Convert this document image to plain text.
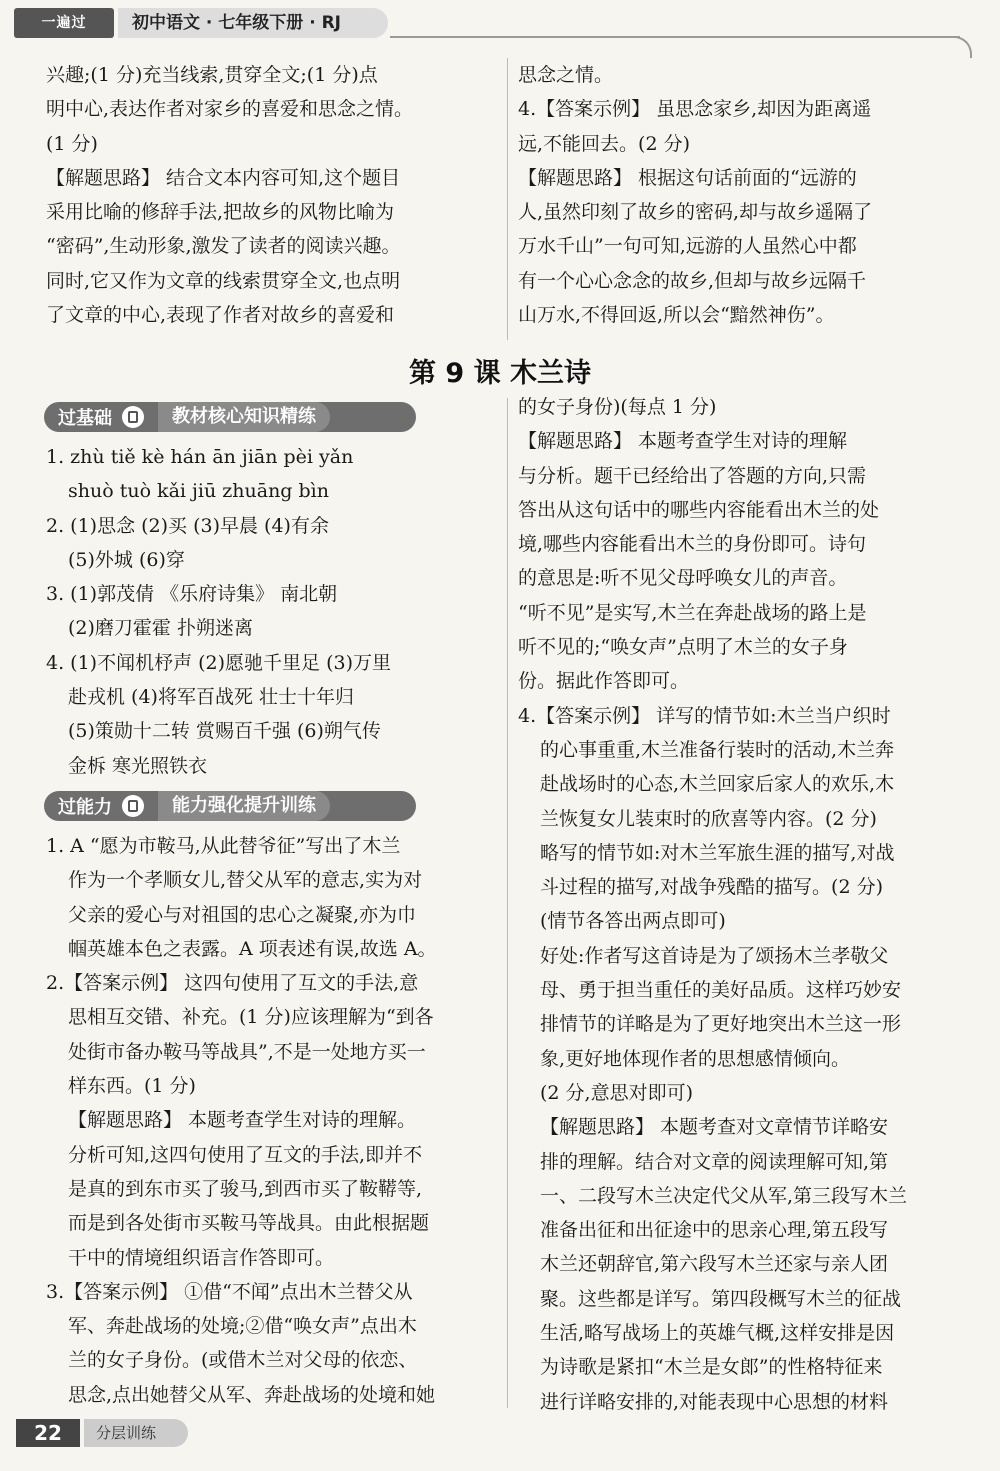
一遍过	初中语文 · 七年级下册 · RJ

兴趣;(1 分)充当线索,贯穿全文;(1 分)点

明中心,表达作者对家乡的喜爱和思念之情。

(1 分)

【解题思路】 结合文本内容可知,这个题目

采用比喻的修辞手法,把故乡的风物比喻为

“密码”,生动形象,激发了读者的阅读兴趣。

同时,它又作为文章的线索贯穿全文,也点明

了文章的中心,表现了作者对故乡的喜爱和

思念之情。

4.【答案示例】 虽思念家乡,却因为距离遥

远,不能回去。(2 分)

【解题思路】 根据这句话前面的“远游的

人,虽然印刻了故乡的密码,却与故乡遥隔了

万水千山”一句可知,远游的人虽然心中都

有一个心心念念的故乡,但却与故乡远隔千

山万水,不得回返,所以会“黯然神伤”。

第 9 课 木兰诗
过基础	教材核心知识精练

1. zhù tiě kè hán ān jiān pèi yǎn

shuò tuò kǎi jiū zhuāng bìn

2. (1)思念 (2)买 (3)早晨 (4)有余

(5)外城 (6)穿

3. (1)郭茂倩 《乐府诗集》 南北朝

(2)磨刀霍霍 扑朔迷离

4. (1)不闻机杼声 (2)愿驰千里足 (3)万里

赴戎机 (4)将军百战死 壮士十年归

(5)策勋十二转 赏赐百千强 (6)朔气传

金柝 寒光照铁衣

过能力	能力强化提升训练

1. A “愿为市鞍马,从此替爷征”写出了木兰

作为一个孝顺女儿,替父从军的意志,实为对

父亲的爱心与对祖国的忠心之凝聚,亦为巾

帼英雄本色之表露。A 项表述有误,故选 A。

2.【答案示例】 这四句使用了互文的手法,意

思相互交错、补充。(1 分)应该理解为“到各

处街市备办鞍马等战具”,不是一处地方买一

样东西。(1 分)

【解题思路】 本题考查学生对诗的理解。

分析可知,这四句使用了互文的手法,即并不

是真的到东市买了骏马,到西市买了鞍鞯等,

而是到各处街市买鞍马等战具。由此根据题

干中的情境组织语言作答即可。

3.【答案示例】 ①借“不闻”点出木兰替父从

军、奔赴战场的处境;②借“唤女声”点出木

兰的女子身份。(或借木兰对父母的依恋、

思念,点出她替父从军、奔赴战场的处境和她

的女子身份)(每点 1 分)

【解题思路】 本题考查学生对诗的理解

与分析。题干已经给出了答题的方向,只需

答出从这句话中的哪些内容能看出木兰的处

境,哪些内容能看出木兰的身份即可。诗句

的意思是:听不见父母呼唤女儿的声音。

“听不见”是实写,木兰在奔赴战场的路上是

听不见的;“唤女声”点明了木兰的女子身

份。据此作答即可。

4.【答案示例】 详写的情节如:木兰当户织时

的心事重重,木兰准备行装时的活动,木兰奔

赴战场时的心态,木兰回家后家人的欢乐,木

兰恢复女儿装束时的欣喜等内容。(2 分)

略写的情节如:对木兰军旅生涯的描写,对战

斗过程的描写,对战争残酷的描写。(2 分)

(情节各答出两点即可)

好处:作者写这首诗是为了颂扬木兰孝敬父

母、勇于担当重任的美好品质。这样巧妙安

排情节的详略是为了更好地突出木兰这一形

象,更好地体现作者的思想感情倾向。

(2 分,意思对即可)

【解题思路】 本题考查对文章情节详略安

排的理解。结合对文章的阅读理解可知,第

一、二段写木兰决定代父从军,第三段写木兰

准备出征和出征途中的思亲心理,第五段写

木兰还朝辞官,第六段写木兰还家与亲人团

聚。这些都是详写。第四段概写木兰的征战

生活,略写战场上的英雄气概,这样安排是因

为诗歌是紧扣“木兰是女郎”的性格特征来

进行详略安排的,对能表现中心思想的材料

22	分层训练
